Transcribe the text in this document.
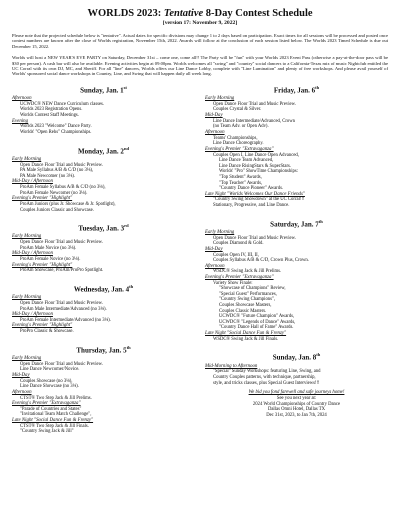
WORLDS 2023: Tentative 8-Day Contest Schedule
[version 17: November 9, 2022]

Please note that the projected schedule below is "tentative". Actual dates for specific divisions may change 1 to 2 days based on participation. Exact times for all sessions will be processed and posted once contest numbers are known after the close of Worlds registration, November 15th, 2022. Awards will follow at the conclusion of each session listed below. The Worlds 2023 Timed Schedule is due out December 15, 2022.

Worlds will host a NEW YEAR'S EVE PARTY on Saturday, December 31st – come one, come all!! The Party will be "fun" with your Worlds 2023 Event Pass (otherwise a pay-at-the-door pass will be $30 per person). A cash bar will also be available. Evening activities begin at 09:00pm. Worlds welcomes all "swing" and "country" social dancers to a California-Texas mix of music Nightclub entitled the UC Corral with its own DJ, MC, and Sheriff. For all "line" dancers, Worlds offers our Line Dance Lobby, complete with "Line Lumination" and plenty of free workshops. And please avail yourself of Worlds' sponsored social dance workshops in Country, Line, and Swing that will happen daily all week long.

Sunday, Jan. 1st
Afternoon
UCWDC® NEW Dance Curriculum classes.
Worlds 2023 Registration Opens.
Worlds Contest Staff Meetings.
Evening
Worlds 2023 "Welcome" Dance Party.
Worlds' "Open Rehs" Championships.
Monday, Jan. 2nd
Early Morning
Open Dance Floor Trial and Music Preview.
PA Male Syllabus A/B & C/D (no 3⅛),
PA Male Newcomer (no 3⅛).
Mid-Day / Afternoon
ProAm Female Syllabus A/B & C/D (no 3⅛),
ProAm Female Newcomer (no 3⅛).
Evening's Premier "Highlight"
ProAm Juniors (plus Jr. Showcase & Jr. Spotlight),
Couples Juniors Classic and Showcase.
Tuesday, Jan. 3rd
Early Morning
Open Dance Floor Trial and Music Preview.
ProAm Male Novice (no 3⅛).
Mid-Day / Afternoon
ProAm Female Novice (no 3⅛).
Evening's Premier "Highlight"
ProAm Showcase, ProAm/ProPro Spotlight.
Wednesday, Jan. 4th
Early Morning
Open Dance Floor Trial and Music Preview.
ProAm Male Intermediate/Advanced (no 3⅛).
Mid-Day / Afternoon
ProAm Female Intermediate/Advanced (no 3⅛).
Evening's Premier "Highlight"
ProPro Classic & Showcase.
Thursday, Jan. 5th
Early Morning
Open Dance Floor Trial and Music Preview.
Line Dance Newcomer/Novice.
Mid-Day
Couples Showcase (no 3⅛),
Line Dance Showcase (no 3⅛).
Afternoon
CTST® Two Step Jack & Jill Prelims.
Evening's Premier "Extravaganza"
"Parade of Countries and States"
"Invitational Team Match Challenge",
Late Night "Social Dance Fun & Frenzy"
CTST® Two Step Jack & Jill Finals.
"Country Swing Jack & Jill"
Friday, Jan. 6th
Early Morning
Open Dance Floor Trial and Music Preview.
Couples Crystal & Silver.
Mid-Day
Line Dance Intermediate/Advanced, Crown
(no Team Adv. or Open Adv).
Afternoon
Teams' Championships,
Line Dance Choreography.
Evening's Premier "Extravaganza"
Couples Open I, Line Dance Open Advanced,
Line Dance Team Advanced,
Line Dance RisingStars & SuperStars.
Worlds' "Pro" ShowTime Championships:
"Top Student" Awards,
"Top Teacher" Awards,
"Country Dance Pioneer" Awards.
Late Night "Worlds Welcomes Our Dance Friends"
"Country Swing Showdown" at the UC Corral!!!
Stationary, Progressive, and Line Dance.
Saturday, Jan. 7th
Early Morning
Open Dance Floor Trial and Music Preview.
Couples Diamond & Gold.
Mid-Day
Couples Open IV, III, II,
Couples Syllabus A/B & C/D, Crown Plus, Crown.
Afternoon
WSDC® Swing Jack & Jill Prelims.
Evening's Premier "Extravaganza"
Variety Show Finale:
"Showcase of Champions" Review,
"Special Guest" Performances,
"Country Swing Champions",
Couples Showcase Masters,
Couples Classic Masters.
UCWDC® "Future Champion" Awards,
UCWDC® "Legends of Dance" Awards,
"Country Dance Hall of Fame" Awards.
Late Night "Social Dance Fun & Frenzy"
WSDC® Swing Jack & Jill Finals.
Sunday, Jan. 8th
Mid-Morning to Afternoon
"Special" Sunday Workshops: featuring Line, Swing, and
Country Couples patterns, with technique, partnership,
style, and tricks classes, plus Special Guest Interviews!!!
We bid you fond farewell and safe journeys home!
See you next year at:
2024 World Championships of Country Dance
Dallas Omni Hotel, Dallas TX
Dec 31st, 2023, to Jan 7th, 2024
